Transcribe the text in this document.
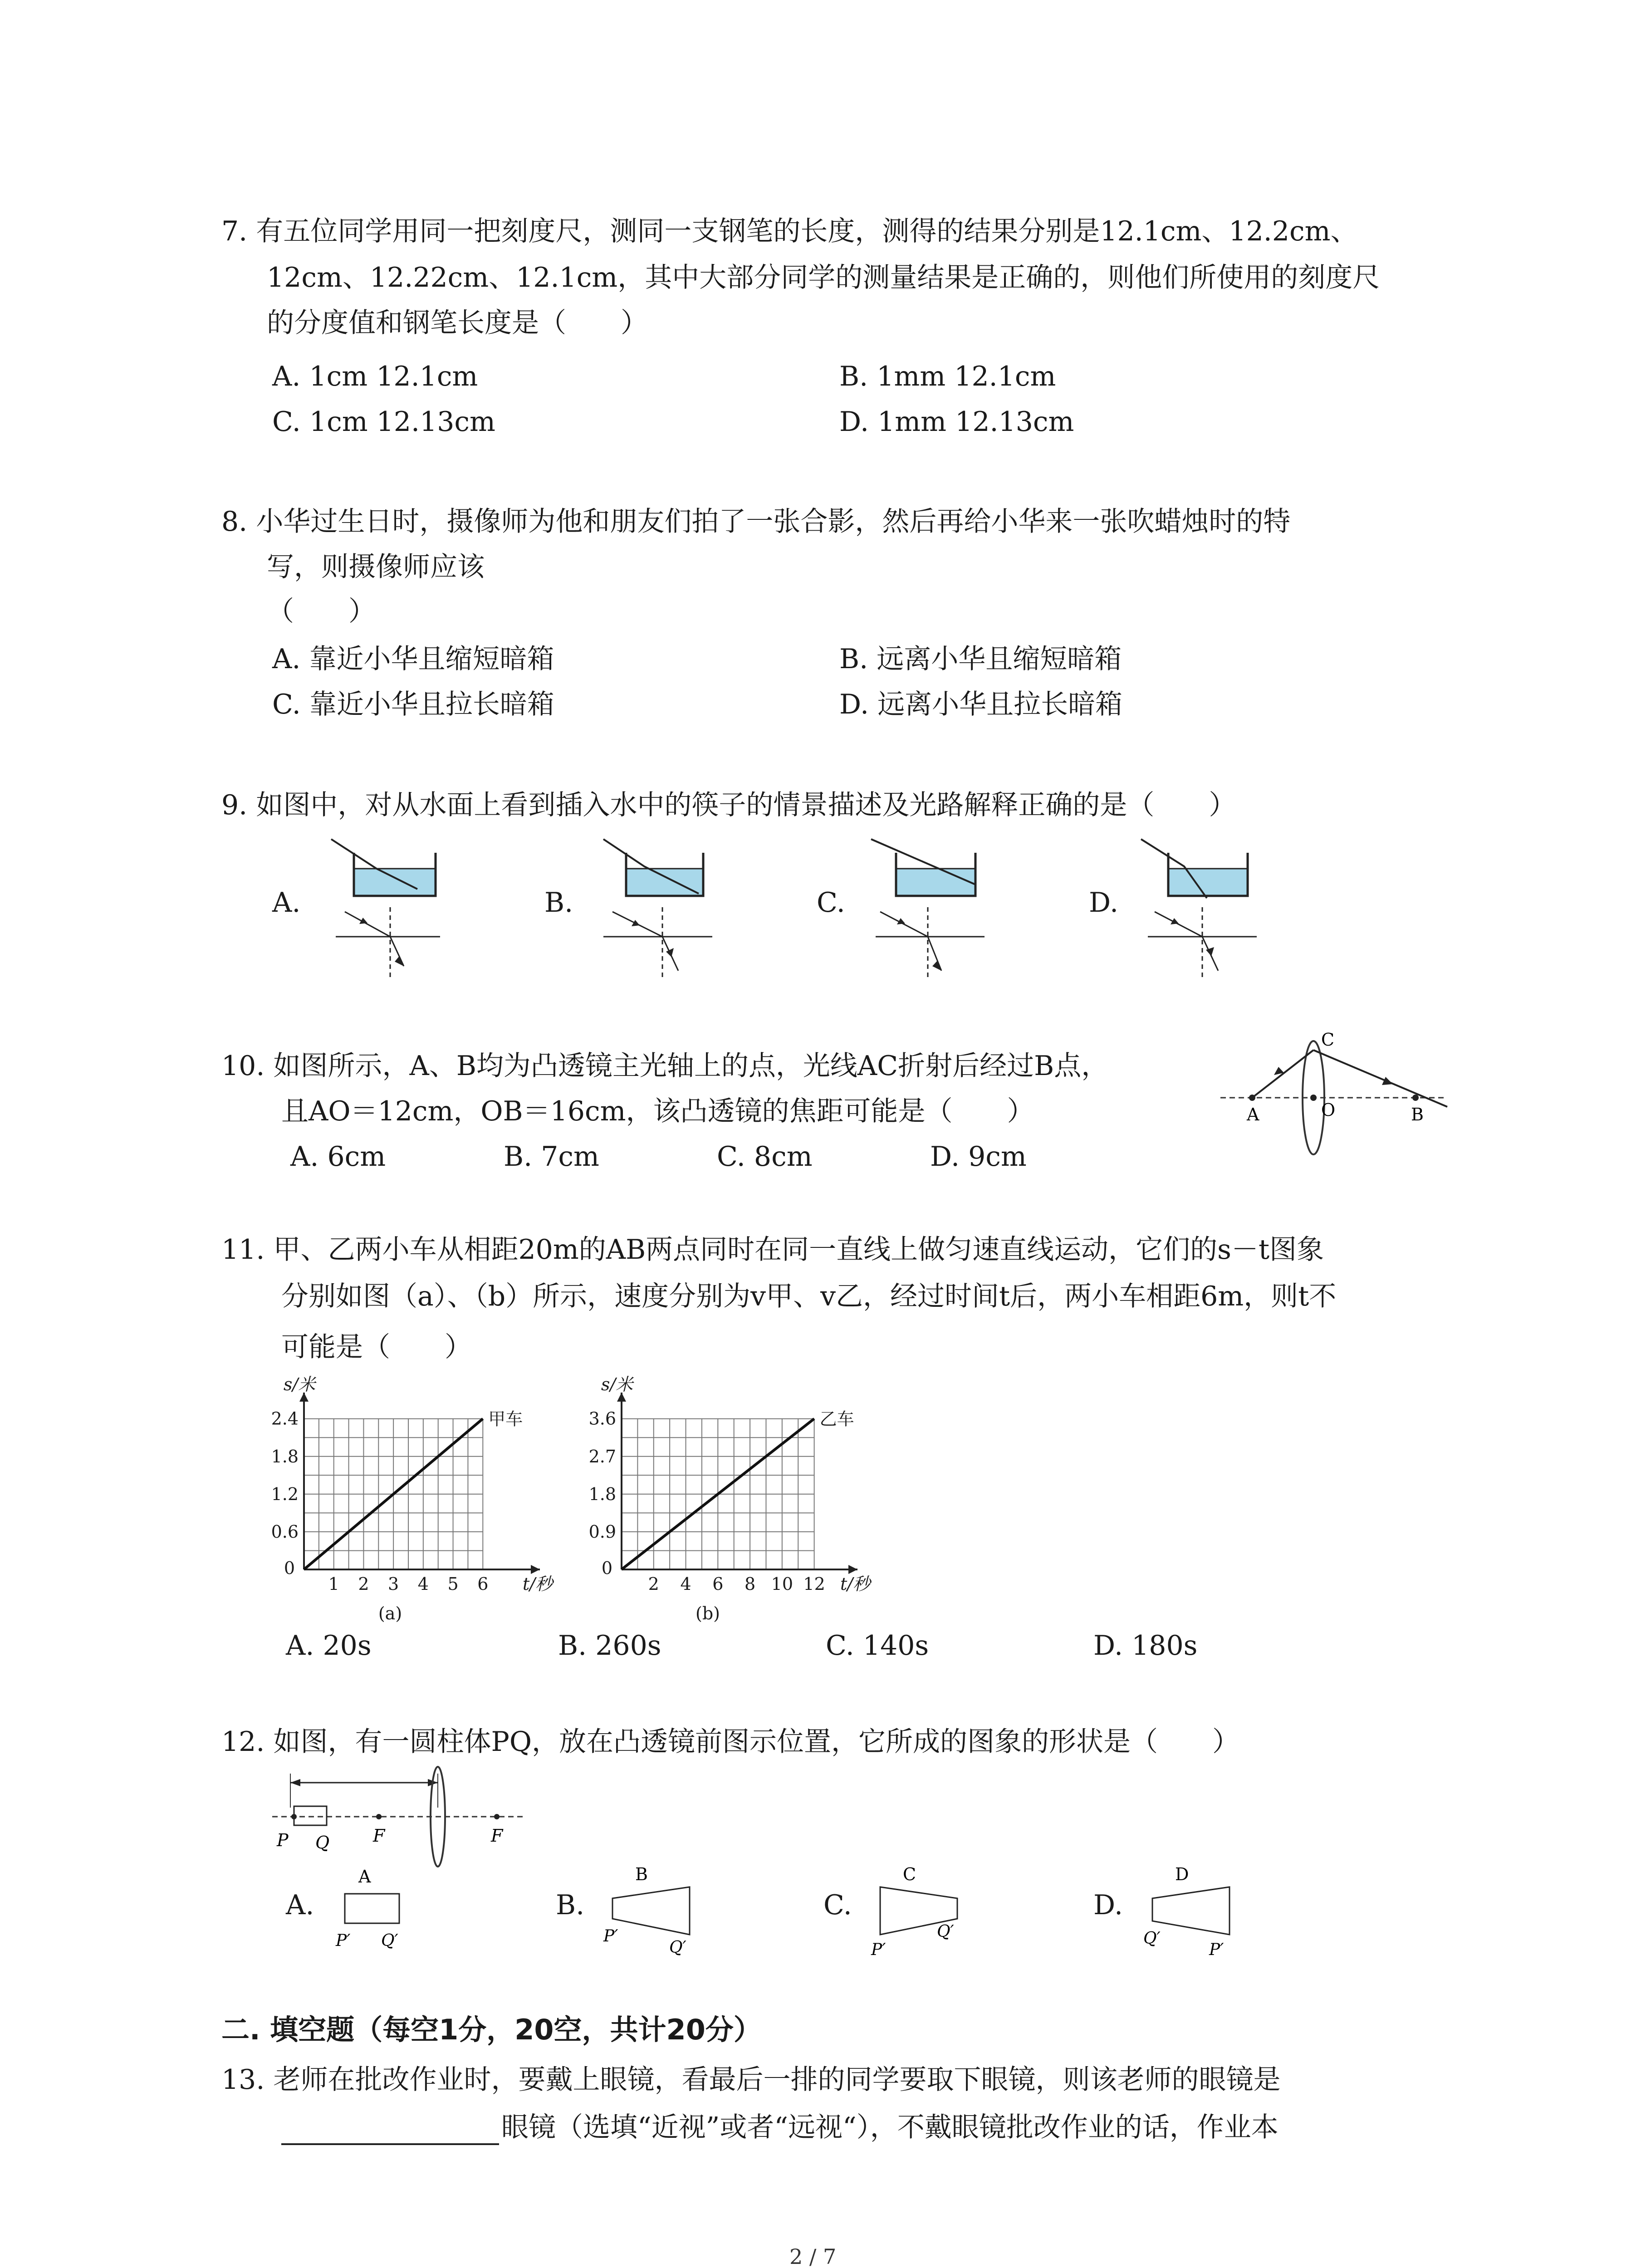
7. 有五位同学用同一把刻度尺，测同一支钢笔的长度，测得的结果分别是12.1cm、12.2cm、
12cm、12.22cm、12.1cm，其中大部分同学的测量结果是正确的，则他们所使用的刻度尺
的分度值和钢笔长度是（　　）
A. 1cm 12.1cm	B. 1mm 12.1cm
C. 1cm 12.13cm	D. 1mm 12.13cm
8. 小华过生日时，摄像师为他和朋友们拍了一张合影，然后再给小华来一张吹蜡烛时的特
写，则摄像师应该
（　　）
A. 靠近小华且缩短暗箱	B. 远离小华且缩短暗箱
C. 靠近小华且拉长暗箱	D. 远离小华且拉长暗箱
9. 如图中，对从水面上看到插入水中的筷子的情景描述及光路解释正确的是（　　）
A.	B.	C.	D.
10. 如图所示，A、B均为凸透镜主光轴上的点，光线AC折射后经过B点，
且AO＝12cm，OB＝16cm，该凸透镜的焦距可能是（　　）
A. 6cm	B. 7cm	C. 8cm	D. 9cm
A	O	B
C
11. 甲、乙两小车从相距20m的AB两点同时在同一直线上做匀速直线运动，它们的s－t图象
分别如图（a）、（b）所示，速度分别为v甲、v乙，经过时间t后，两小车相距6m，则t不
可能是（　　）
1 2 3 4 5 6
0.6
1.2
1.8
2.4
0
s/米
t/秒
甲车
(a)
2 4 6 8 10 12
0.9
1.8
2.7
3.6
0
s/米
t/秒
乙车
(b)
A. 20s	B. 260s	C. 140s	D. 180s
12. 如图，有一圆柱体PQ，放在凸透镜前图示位置，它所成的图象的形状是（　　）
P Q	F	F
A.	B.	C.	D.
A
P′ Q′
B
P′
Q′
C
P′
Q′
D
Q′
P′
二. 填空题（每空1分，20空，共计20分）
13. 老师在批改作业时，要戴上眼镜，看最后一排的同学要取下眼镜，则该老师的眼镜是
眼镜（选填“近视”或者“远视“），不戴眼镜批改作业的话，作业本
2 / 7
